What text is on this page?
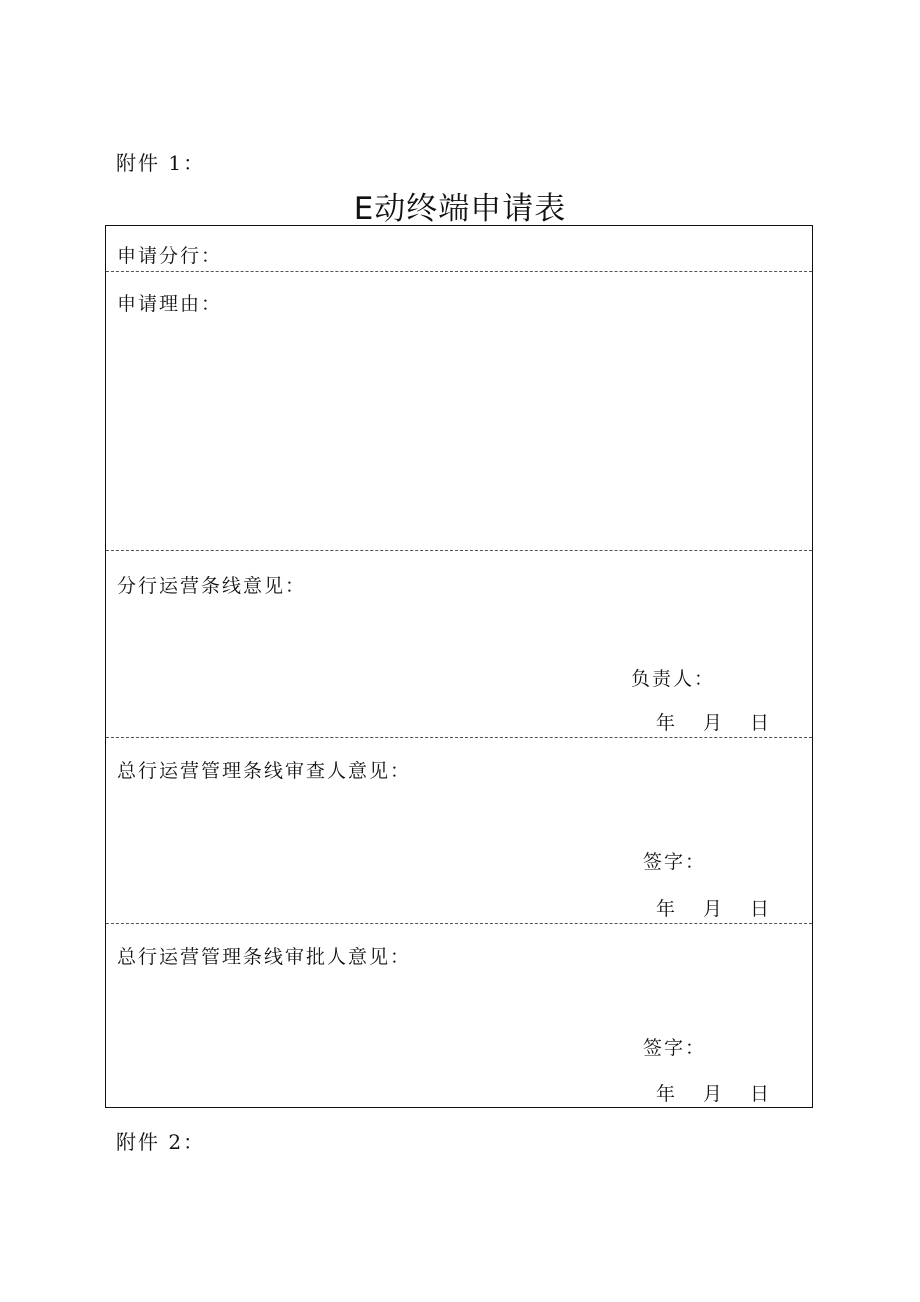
附件 1：
E动终端申请表
申请分行：
申请理由：
分行运营条线意见：
负责人：
年 月 日
总行运营管理条线审查人意见：
签字：
年 月 日
总行运营管理条线审批人意见：
签字：
年 月 日
附件 2：
